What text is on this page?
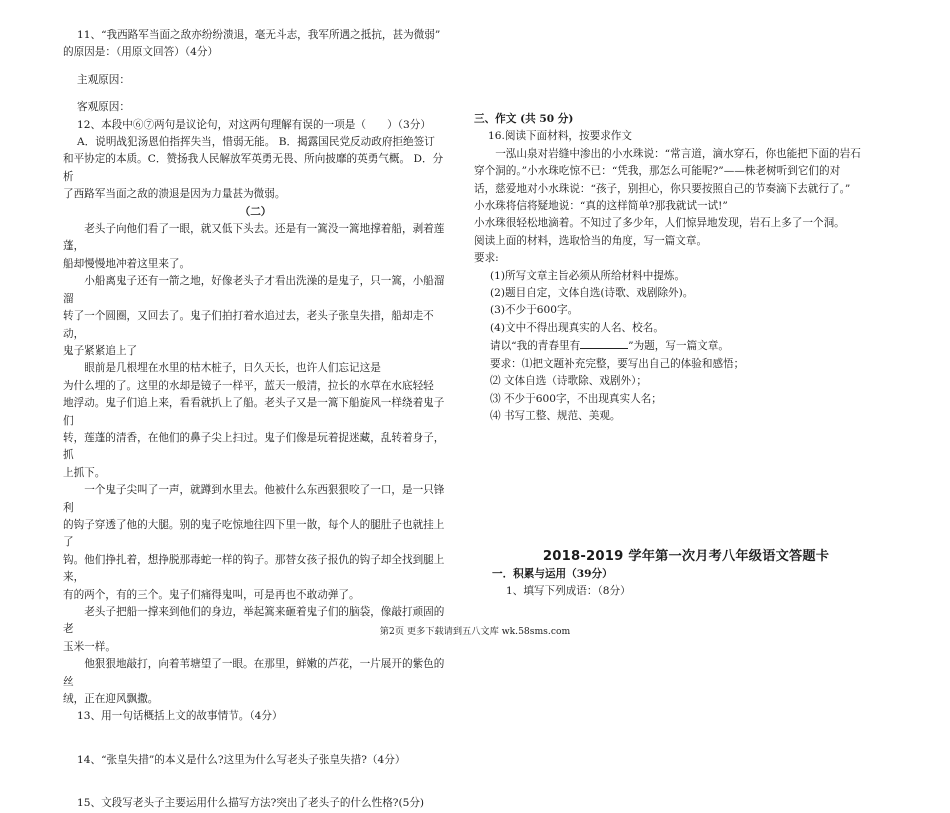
11、“我西路军当面之敌亦纷纷溃退，毫无斗志，我军所遇之抵抗，甚为微弱”

的原因是：（用原文回答）（4分）

主观原因：

客观原因：

12、本段中⑥⑦两句是议论句，对这两句理解有误的一项是（　　）（3分）

A．说明战犯汤恩伯指挥失当，惜弱无能。 B．揭露国民党反动政府拒绝签订

和平协定的本质。C．赞扬我人民解放军英勇无畏、所向披靡的英勇气概。 D．分析

了西路军当面之敌的溃退是因为力量甚为微弱。

（二）

老头子向他们看了一眼，就又低下头去。还是有一篙没一篙地撑着船，剥着莲蓬，

船却慢慢地冲着这里来了。

小船离鬼子还有一箭之地，好像老头子才看出洗澡的是鬼子，只一篙，小船溜溜

转了一个圆圈，又回去了。鬼子们拍打着水追过去，老头子张皇失措，船却走不动，

鬼子紧紧追上了

眼前是几根埋在水里的枯木桩子，日久天长，也许人们忘记这是

为什么埋的了。这里的水却是镜子一样平，蓝天一般清，拉长的水草在水底轻轻

地浮动。鬼子们追上来，看看就扒上了船。老头子又是一篙下船旋风一样绕着鬼子们

转，莲蓬的清香，在他们的鼻子尖上扫过。鬼子们像是玩着捉迷藏，乱转着身子，抓

上抓下。

一个鬼子尖叫了一声，就蹲到水里去。他被什么东西狠狠咬了一口，是一只锋利

的钩子穿透了他的大腿。别的鬼子吃惊地往四下里一散，每个人的腿肚子也就挂上了

钩。他们挣扎着，想挣脱那毒蛇一样的钩子。那替女孩子报仇的钩子却全找到腿上来，

有的两个，有的三个。鬼子们痛得鬼叫，可是再也不敢动弹了。

老头子把船一撑来到他们的身边，举起篙来砸着鬼子们的脑袋，像敲打顽固的老

玉米一样。

他狠狠地敲打，向着苇塘望了一眼。在那里，鲜嫩的芦花，一片展开的紫色的丝

绒，正在迎风飘撒。

13、用一句话概括上文的故事情节。（4分）

14、“张皇失措”的本义是什么?这里为什么写老头子张皇失措?（4分）

15、文段写老头子主要运用什么描写方法?突出了老头子的什么性格?(5分)

三、作文 (共 50 分)

16.阅读下面材料，按要求作文

一泓山泉对岩缝中渗出的小水珠说：“常言道，滴水穿石，你也能把下面的岩石

穿个洞的。”小水珠吃惊不已：“凭我，那怎么可能呢?”——株老树听到它们的对

话，慈爱地对小水珠说：“孩子，别担心，你只要按照自己的节奏滴下去就行了。”

小水珠将信将疑地说：“真的这样简单?那我就试一试!”

小水珠很轻松地滴着。不知过了多少年，人们惊异地发现，岩石上多了一个洞。

阅读上面的材料，选取恰当的角度，写一篇文章。

要求:

(1)所写文章主旨必须从所给材料中提炼。

(2)题目自定，文体自选(诗歌、戏剧除外)。

(3)不少于600字。

(4)文中不得出现真实的人名、校名。

请以“我的青春里有	”为题，写一篇文章。

要求：⑴把文题补充完整，要写出自己的体验和感悟；

⑵ 文体自选（诗歌除、戏剧外）；

⑶ 不少于600字，不出现真实人名；

⑷ 书写工整、规范、美观。

2018-2019 学年第一次月考八年级语文答题卡

一．积累与运用（39分）

1、填写下列成语：（8分）

第2页 更多下载请到五八文库 wk.58sms.com
